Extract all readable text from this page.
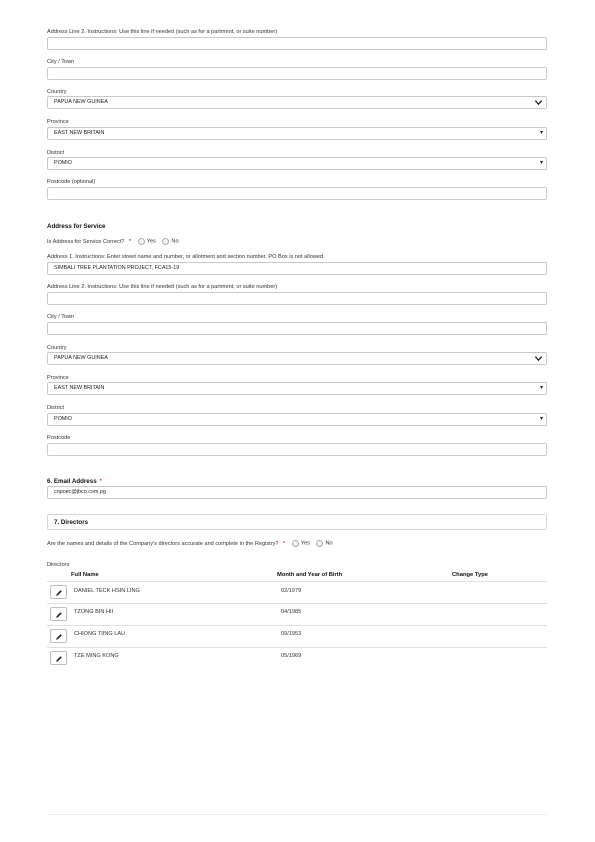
Address Line 2. Instructions: Use this line if needed (such as for a partment, or suite number)
City / Town
Country
PAPUA NEW GUINEA
Province
EAST NEW BRITAIN	▾
District
POMIO	▾
Postcode (optional)
Address for Service
Is Address for Service Correct? *	Yes	No
Address 1. Instructions: Enter street name and number, or allotment and section number. PO Box is not allowed.
SIMBALI TREE PLANTATION PROJECT, FCA15-19
Address Line 2. Instructions: Use this line if needed (such as for a partment, or suite number)
City / Town
Country
PAPUA NEW GUINEA
Province
EAST NEW BRITAIN	▾
District
POMIO	▾
Postcode
6. Email Address *
cnpoec@jbco.com.pg
7. Directors
Are the names and details of the Company's directors accurate and complete in the Registry? *	Yes	No
Directors
Full Name	Month and Year of Birth	Change Type
DANIEL TECK HSIN LING	02/1979
TZONG BIN HII	04/1985
CHIONG TIING LAU	09/1953
TZE MING KONG	05/1969
